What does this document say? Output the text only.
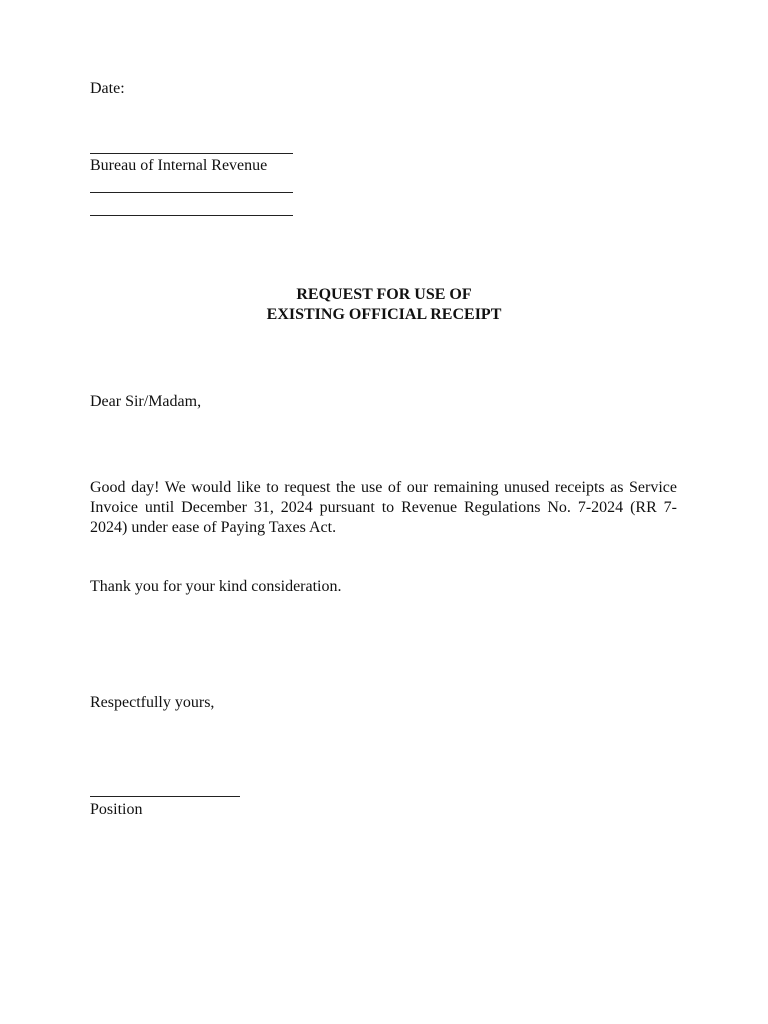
Date:
Bureau of Internal Revenue
REQUEST FOR USE OF
EXISTING OFFICIAL RECEIPT
Dear Sir/Madam,
Good day! We would like to request the use of our remaining unused receipts as Service Invoice until December 31, 2024 pursuant to Revenue Regulations No. 7-2024 (RR 7-2024) under ease of Paying Taxes Act.
Thank you for your kind consideration.
Respectfully yours,
Position
